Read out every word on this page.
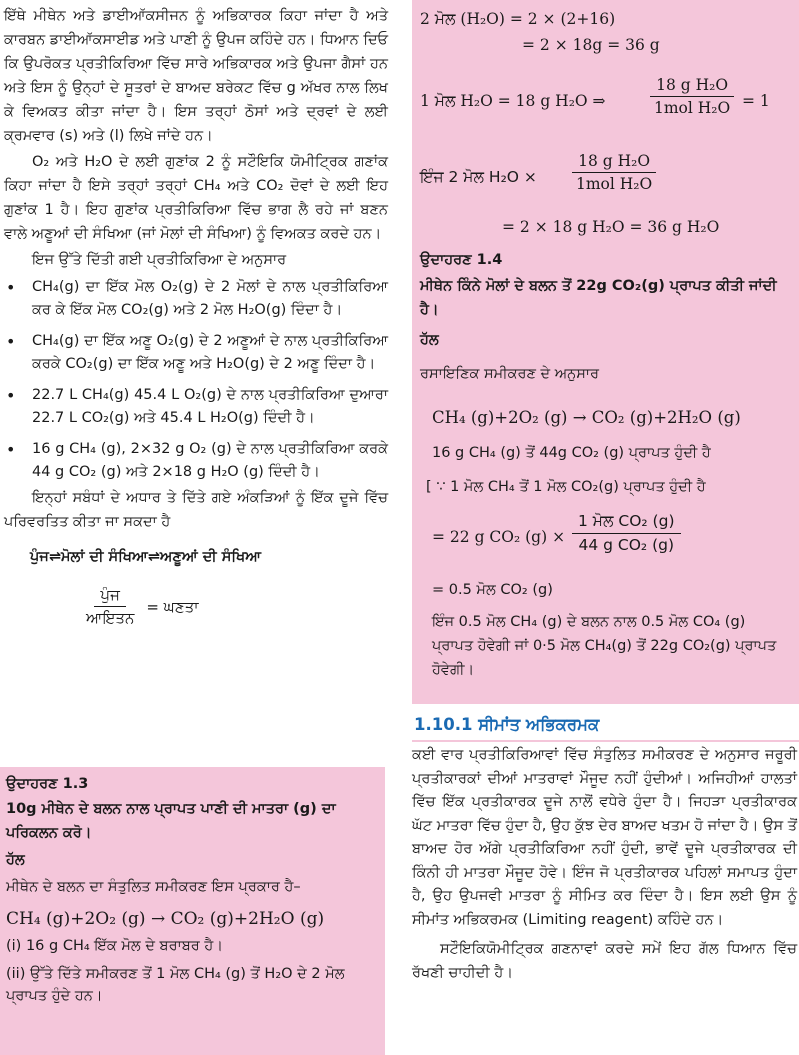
ਇੱਥੇ ਮੀਥੇਨ ਅਤੇ ਡਾਈਆੱਕਸੀਜਨ ਨੂੰ ਅਭਿਕਾਰਕ ਕਿਹਾ ਜਾਂਦਾ ਹੈ ਅਤੇ ਕਾਰਬਨ ਡਾਈਆੱਕਸਾਈਡ ਅਤੇ ਪਾਣੀ ਨੂੰ ਉਪਜ ਕਹਿੰਦੇ ਹਨ। ਧਿਆਨ ਦਿਓ ਕਿ ਉਪਰੋਕਤ ਪ੍ਰਤੀਕਿਰਿਆ ਵਿੱਚ ਸਾਰੇ ਅਭਿਕਾਰਕ ਅਤੇ ਉਪਜਾ ਗੈਸਾਂ ਹਨ ਅਤੇ ਇਸ ਨੂੰ ਉਨ੍ਹਾਂ ਦੇ ਸੂਤਰਾਂ ਦੇ ਬਾਅਦ ਬਰੇਕਟ ਵਿੱਚ g ਅੱਖਰ ਨਾਲ ਲਿਖ ਕੇ ਵਿਅਕਤ ਕੀਤਾ ਜਾਂਦਾ ਹੈ। ਇਸ ਤਰ੍ਹਾਂ ਠੋਸਾਂ ਅਤੇ ਦ੍ਰਵਾਂ ਦੇ ਲਈ ਕ੍ਰਮਵਾਰ (s) ਅਤੇ (l) ਲਿਖੇ ਜਾਂਦੇ ਹਨ।

O₂ ਅਤੇ H₂O ਦੇ ਲਈ ਗੁਣਾਂਕ 2 ਨੂੰ ਸਟੌਇਕਿ ਯੋਮੀਟ੍ਰਿਕ ਗਣਾਂਕ ਕਿਹਾ ਜਾਂਦਾ ਹੈ ਇਸੇ ਤਰ੍ਹਾਂ ਤਰ੍ਹਾਂ CH₄ ਅਤੇ CO₂ ਦੋਵਾਂ ਦੇ ਲਈ ਇਹ ਗੁਣਾਂਕ 1 ਹੈ। ਇਹ ਗੁਣਾਂਕ ਪ੍ਰਤੀਕਿਰਿਆ ਵਿੱਚ ਭਾਗ ਲੈ ਰਹੇ ਜਾਂ ਬਣਨ ਵਾਲੇ ਅਣੂਆਂ ਦੀ ਸੰਖਿਆ (ਜਾਂ ਮੋਲਾਂ ਦੀ ਸੰਖਿਆ) ਨੂੰ ਵਿਅਕਤ ਕਰਦੇ ਹਨ।

ਇਜ ਉੱਤੇ ਦਿੱਤੀ ਗਈ ਪ੍ਰਤੀਕਿਰਿਆ ਦੇ ਅਨੁਸਾਰ

• CH₄(g) ਦਾ ਇੱਕ ਮੋਲ O₂(g) ਦੇ 2 ਮੋਲਾਂ ਦੇ ਨਾਲ ਪ੍ਰਤੀਕਿਰਿਆ ਕਰ ਕੇ ਇੱਕ ਮੋਲ CO₂(g) ਅਤੇ 2 ਮੋਲ H₂O(g) ਦਿੰਦਾ ਹੈ।
• CH₄(g) ਦਾ ਇੱਕ ਅਣੂ O₂(g) ਦੇ 2 ਅਣੂਆਂ ਦੇ ਨਾਲ ਪ੍ਰਤੀਕਿਰਿਆ ਕਰਕੇ CO₂(g) ਦਾ ਇੱਕ ਅਣੂ ਅਤੇ H₂O(g) ਦੇ 2 ਅਣੂ ਦਿੰਦਾ ਹੈ।
• 22.7 L CH₄(g) 45.4 L O₂(g) ਦੇ ਨਾਲ ਪ੍ਰਤੀਕਿਰਿਆ ਦੁਆਰਾ 22.7 L CO₂(g) ਅਤੇ 45.4 L H₂O(g) ਦਿੰਦੀ ਹੈ।
• 16 g CH₄ (g), 2×32 g O₂ (g) ਦੇ ਨਾਲ ਪ੍ਰਤੀਕਿਰਿਆ ਕਰਕੇ 44 g CO₂ (g) ਅਤੇ 2×18 g H₂O (g) ਦਿੰਦੀ ਹੈ।

ਇਨ੍ਹਾਂ ਸਬੰਧਾਂ ਦੇ ਅਧਾਰ ਤੇ ਦਿੱਤੇ ਗਏ ਅੰਕੜਿਆਂ ਨੂੰ ਇੱਕ ਦੂਜੇ ਵਿੱਚ ਪਰਿਵਰਤਿਤ ਕੀਤਾ ਜਾ ਸਕਦਾ ਹੈ

ਪੁੰਜ⇌ਮੋਲਾਂ ਦੀ ਸੰਖਿਆ⇌ਅਣੂਆਂ ਦੀ ਸੰਖਿਆ

$\frac{\text{ਪੁੰਜ}}{\text{ਆਇਤਨ}}$ = ਘਣਤਾ
ਉਦਾਹਰਣ 1.3
10g ਮੀਥੇਨ ਦੇ ਬਲਨ ਨਾਲ ਪ੍ਰਾਪਤ ਪਾਣੀ ਦੀ ਮਾਤਰਾ (g) ਦਾ ਪਰਿਕਲਨ ਕਰੋ।
ਹੱਲ
ਮੀਥੇਨ ਦੇ ਬਲਨ ਦਾ ਸੰਤੁਲਿਤ ਸਮੀਕਰਣ ਇਸ ਪ੍ਰਕਾਰ ਹੈ–
CH₄ (g)+2O₂ (g) → CO₂ (g)+2H₂O (g)
(i) 16 g CH₄ ਇੱਕ ਮੋਲ ਦੇ ਬਰਾਬਰ ਹੈ।
(ii) ਉੱਤੇ ਦਿੱਤੇ ਸਮੀਕਰਣ ਤੋਂ 1 ਮੋਲ CH₄ (g) ਤੋਂ H₂O ਦੇ 2 ਮੋਲ ਪ੍ਰਾਪਤ ਹੁੰਦੇ ਹਨ।
2 ਮੋਲ (H₂O) = 2 × (2+16)
= 2 × 18g = 36 g
1 ਮੋਲ H₂O = 18 g H₂O ⇒	$\frac{\text{18 g H₂O}}{\text{1mol H₂O}} = 1$
ਇੰਜ 2 ਮੋਲ $H_2O \times \frac{\text{18 g H₂O}}{\text{1mol H₂O}}$
= 2 × 18 g H₂O = 36 g H₂O
ਉਦਾਹਰਣ 1.4
ਮੀਥੇਨ ਕਿੰਨੇ ਮੋਲਾਂ ਦੇ ਬਲਨ ਤੋਂ 22g CO₂(g) ਪ੍ਰਾਪਤ ਕੀਤੀ ਜਾਂਦੀ ਹੈ।
ਹੱਲ
ਰਸਾਇਣਿਕ ਸਮੀਕਰਣ ਦੇ ਅਨੁਸਾਰ
CH₄ (g)+2O₂ (g) → CO₂ (g)+2H₂O (g)
16 g CH₄ (g) ਤੋਂ 44g CO₂ (g) ਪ੍ਰਾਪਤ ਹੁੰਦੀ ਹੈ
[ ∵ 1 ਮੋਲ CH₄ ਤੋਂ 1 ਮੋਲ CO₂(g) ਪ੍ਰਾਪਤ ਹੁੰਦੀ ਹੈ
= 22 g CO₂ $(g) \times \frac{\text{1 ਮੋਲ CO₂ (g)}}{\text{44 g CO₂ (g)}}$
= 0.5 ਮੋਲ CO₂ (g)
ਇੰਜ 0.5 ਮੋਲ CH₄ (g) ਦੇ ਬਲਨ ਨਾਲ 0.5 ਮੋਲ CO₄ (g) ਪ੍ਰਾਪਤ ਹੋਵੇਗੀ ਜਾਂ 0·5 ਮੋਲ CH₄(g) ਤੋਂ 22g CO₂(g) ਪ੍ਰਾਪਤ ਹੋਵੇਗੀ।
1.10.1 ਸੀਮਾਂਤ ਅਭਿਕਰਮਕ

ਕਈ ਵਾਰ ਪ੍ਰਤੀਕਿਰਿਆਵਾਂ ਵਿੱਚ ਸੰਤੁਲਿਤ ਸਮੀਕਰਣ ਦੇ ਅਨੁਸਾਰ ਜਰੂਰੀ ਪ੍ਰਤੀਕਾਰਕਾਂ ਦੀਆਂ ਮਾਤਰਾਵਾਂ ਮੌਜੂਦ ਨਹੀਂ ਹੁੰਦੀਆਂ। ਅਜਿਹੀਆਂ ਹਾਲਤਾਂ ਵਿੱਚ ਇੱਕ ਪ੍ਰਤੀਕਾਰਕ ਦੂਜੇ ਨਾਲੋਂ ਵਧੇਰੇ ਹੁੰਦਾ ਹੈ। ਜਿਹੜਾ ਪ੍ਰਤੀਕਾਰਕ ਘੱਟ ਮਾਤਰਾ ਵਿੱਚ ਹੁੰਦਾ ਹੈ, ਉਹ ਕੁੱਝ ਦੇਰ ਬਾਅਦ ਖਤਮ ਹੋ ਜਾਂਦਾ ਹੈ। ਉਸ ਤੋਂ ਬਾਅਦ ਹੋਰ ਅੱਗੇ ਪ੍ਰਤੀਕਿਰਿਆ ਨਹੀਂ ਹੁੰਦੀ, ਭਾਵੇਂ ਦੂਜੇ ਪ੍ਰਤੀਕਾਰਕ ਦੀ ਕਿੰਨੀ ਹੀ ਮਾਤਰਾ ਮੌਜੂਦ ਹੋਵੇ। ਇੰਜ ਜੋ ਪ੍ਰਤੀਕਾਰਕ ਪਹਿਲਾਂ ਸਮਾਪਤ ਹੁੰਦਾ ਹੈ, ਉਹ ਉਪਜਵੀ ਮਾਤਰਾ ਨੂੰ ਸੀਮਿਤ ਕਰ ਦਿੰਦਾ ਹੈ। ਇਸ ਲਈ ਉਸ ਨੂੰ ਸੀਮਾਂਤ ਅਭਿਕਰਮਕ (Limiting reagent) ਕਹਿੰਦੇ ਹਨ।

ਸਟੌਇਕਿਯੋਮੀਟ੍ਰਿਕ ਗਣਨਾਵਾਂ ਕਰਦੇ ਸਮੇਂ ਇਹ ਗੱਲ ਧਿਆਨ ਵਿੱਚ ਰੱਖਣੀ ਚਾਹੀਦੀ ਹੈ।
